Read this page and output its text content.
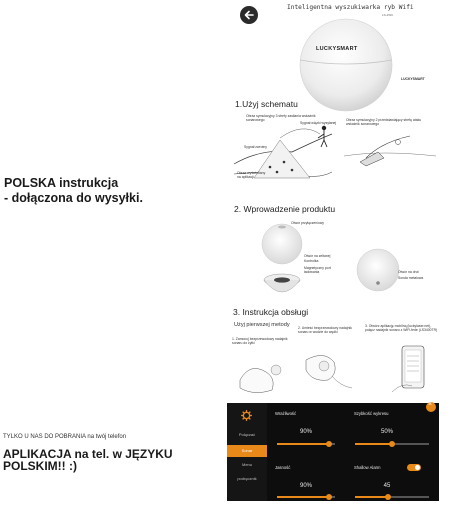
POLSKA instrukcja
- dołączona do wysyłki.
TYLKO U NAS DO POBRANIA na twój telefon
APLIKACJA na tel. w JĘZYKU
POLSKIM!! :)
Inteligentna wyszukiwarka ryb Wifi
LS-2WC
LUCKYSMART
LUCKYSMART
1.Użyj schematu
Obraz symulacyjny 3 strefy zasilania wskaźnik sonarowego
Sygnał wiązki wysyłanej
Sygnał zwrotny
Obraz symulacyjny 2 przedstawiający strefę ataku wskaźnik sonarowego
Obraz wyświetlany na aplikacji
2. Wprowadzenie produktu
Otwór przyłączeniowy
Otwór na zeltanej
Kontrolka
Magnetyczny port ładowania	Otwór na drut
Sonda metalowa
3. Instrukcja obsługi
Użyj pierwszej metody
1. Zamocuj bezprzewodowy nadajnik sonaru do żyłki
2. Umieść bezprzewodowy nadajnik sonaru w wodzie do wędki
3. Otwórz aplikację mobilną (luckylaser.net), połącz nadajnik sonaru z WiFi-fede (LS3400TR)
Połączać
Sonar
Menu
podręcznik
×
Wrażliwość
90%
Szybkość wykresu
50%
Jasność
90%
Shallow Alarm
45
